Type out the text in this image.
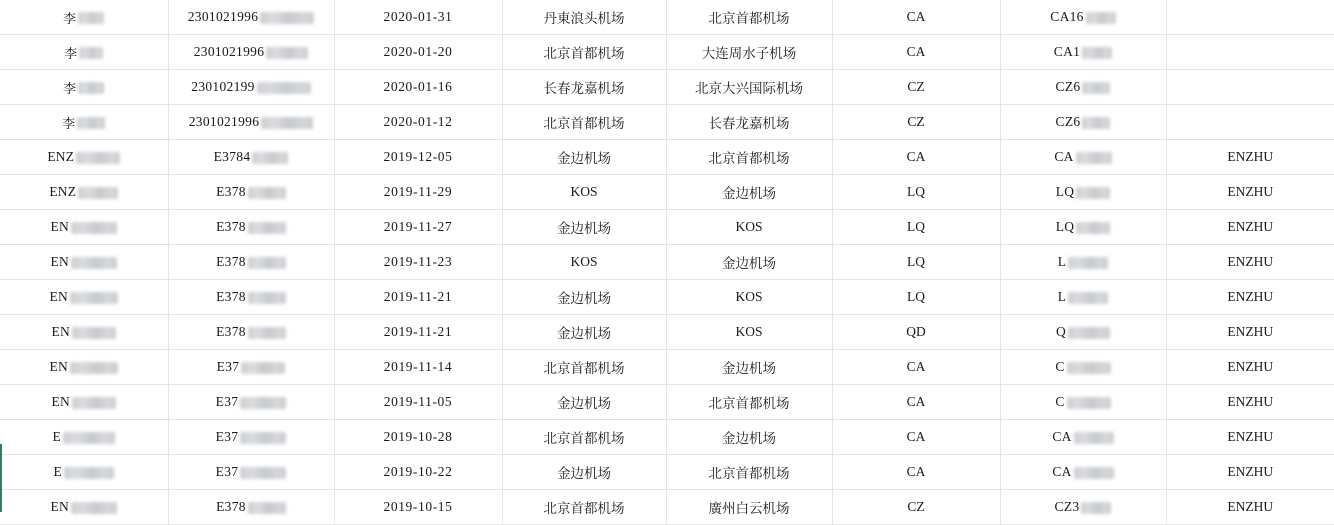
李	2301021996	2020-01-31	丹東浪头机场	北京首都机场	CA	CA16	

李	2301021996	2020-01-20	北京首都机场	大连周水子机场	CA	CA1	

李	230102199	2020-01-16	长春龙嘉机场	北京大兴国际机场	CZ	CZ6	

李	2301021996	2020-01-12	北京首都机场	长春龙嘉机场	CZ	CZ6	

ENZ	E3784	2019-12-05	金边机场	北京首都机场	CA	CA	ENZHU

ENZ	E378	2019-11-29	KOS	金边机场	LQ	LQ	ENZHU

EN	E378	2019-11-27	金边机场	KOS	LQ	LQ	ENZHU

EN	E378	2019-11-23	KOS	金边机场	LQ	L	ENZHU

EN	E378	2019-11-21	金边机场	KOS	LQ	L	ENZHU

EN	E378	2019-11-21	金边机场	KOS	QD	Q	ENZHU

EN	E37	2019-11-14	北京首都机场	金边机场	CA	C	ENZHU

EN	E37	2019-11-05	金边机场	北京首都机场	CA	C	ENZHU

E	E37	2019-10-28	北京首都机场	金边机场	CA	CA	ENZHU

E	E37	2019-10-22	金边机场	北京首都机场	CA	CA	ENZHU

EN	E378	2019-10-15	北京首都机场	廣州白云机场	CZ	CZ3	ENZHU
